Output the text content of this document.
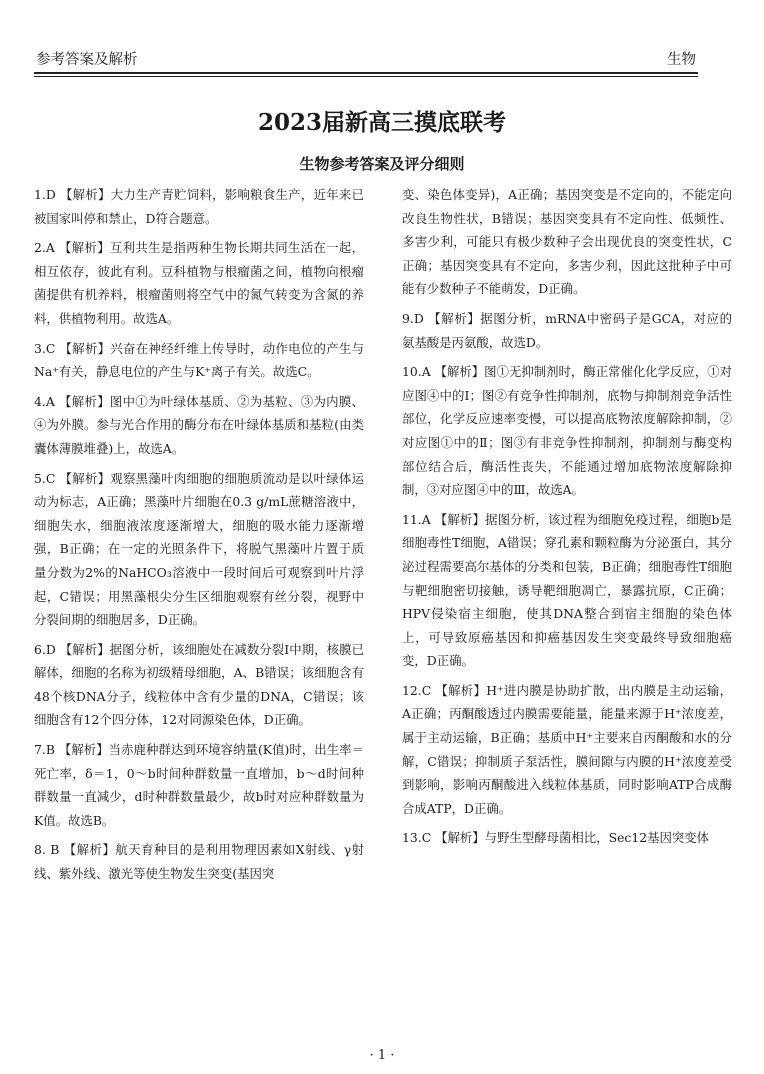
参考答案及解析	生物
2023届新高三摸底联考
生物参考答案及评分细则

1.D 【解析】大力生产青贮饲料，影响粮食生产，近年来已被国家叫停和禁止，D符合题意。

2.A 【解析】互利共生是指两种生物长期共同生活在一起，相互依存，彼此有利。豆科植物与根瘤菌之间，植物向根瘤菌提供有机养料，根瘤菌则将空气中的氮气转变为含氮的养料，供植物利用。故选A。

3.C 【解析】兴奋在神经纤维上传导时，动作电位的产生与Na⁺有关，静息电位的产生与K⁺离子有关。故选C。

4.A 【解析】图中①为叶绿体基质、②为基粒、③为内膜、④为外膜。参与光合作用的酶分布在叶绿体基质和基粒(由类囊体薄膜堆叠)上，故选A。

5.C 【解析】观察黑藻叶肉细胞的细胞质流动是以叶绿体运动为标志，A正确；黑藻叶片细胞在0.3 g/mL蔗糖溶液中，细胞失水，细胞液浓度逐渐增大，细胞的吸水能力逐渐增强，B正确；在一定的光照条件下，将脱气黑藻叶片置于质量分数为2%的NaHCO₃溶液中一段时间后可观察到叶片浮起，C错误；用黑藻根尖分生区细胞观察有丝分裂，视野中分裂间期的细胞居多，D正确。

6.D 【解析】据图分析，该细胞处在减数分裂Ⅰ中期，核膜已解体，细胞的名称为初级精母细胞，A、B错误；该细胞含有48个核DNA分子，线粒体中含有少量的DNA，C错误；该细胞含有12个四分体，12对同源染色体，D正确。

7.B 【解析】当赤鹿种群达到环境容纳量(K值)时，出生率＝死亡率，δ＝1，0～b时间种群数量一直增加，b～d时间种群数量一直减少，d时种群数量最少，故b时对应种群数量为K值。故选B。

8. B 【解析】航天育种目的是利用物理因素如X射线、γ射线、紫外线、激光等使生物发生突变(基因突

变、染色体变异)，A正确；基因突变是不定向的，不能定向改良生物性状，B错误；基因突变具有不定向性、低频性、多害少利，可能只有极少数种子会出现优良的突变性状，C正确；基因突变具有不定向，多害少利，因此这批种子中可能有少数种子不能萌发，D正确。

9.D 【解析】据图分析，mRNA中密码子是GCA，对应的氨基酸是丙氨酸，故选D。

10.A 【解析】图①无抑制剂时，酶正常催化化学反应，①对应图④中的Ⅰ；图②有竞争性抑制剂，底物与抑制剂竞争活性部位，化学反应速率变慢，可以提高底物浓度解除抑制，②对应图①中的Ⅱ；图③有非竞争性抑制剂，抑制剂与酶变构部位结合后，酶活性丧失，不能通过增加底物浓度解除抑制，③对应图④中的Ⅲ，故选A。

11.A 【解析】据图分析，该过程为细胞免疫过程，细胞b是细胞毒性T细胞，A错误；穿孔素和颗粒酶为分泌蛋白，其分泌过程需要高尔基体的分类和包装，B正确；细胞毒性T细胞与靶细胞密切接触，诱导靶细胞凋亡，暴露抗原，C正确；HPV侵染宿主细胞，使其DNA整合到宿主细胞的染色体上，可导致原癌基因和抑癌基因发生突变最终导致细胞癌变，D正确。

12.C 【解析】H⁺进内膜是协助扩散，出内膜是主动运输，A正确；丙酮酸透过内膜需要能量，能量来源于H⁺浓度差，属于主动运输，B正确；基质中H⁺主要来自丙酮酸和水的分解，C错误；抑制质子泵活性，膜间隙与内膜的H⁺浓度差受到影响，影响丙酮酸进入线粒体基质，同时影响ATP合成酶合成ATP，D正确。

13.C 【解析】与野生型酵母菌相比，Sec12基因突变体

· 1 ·
